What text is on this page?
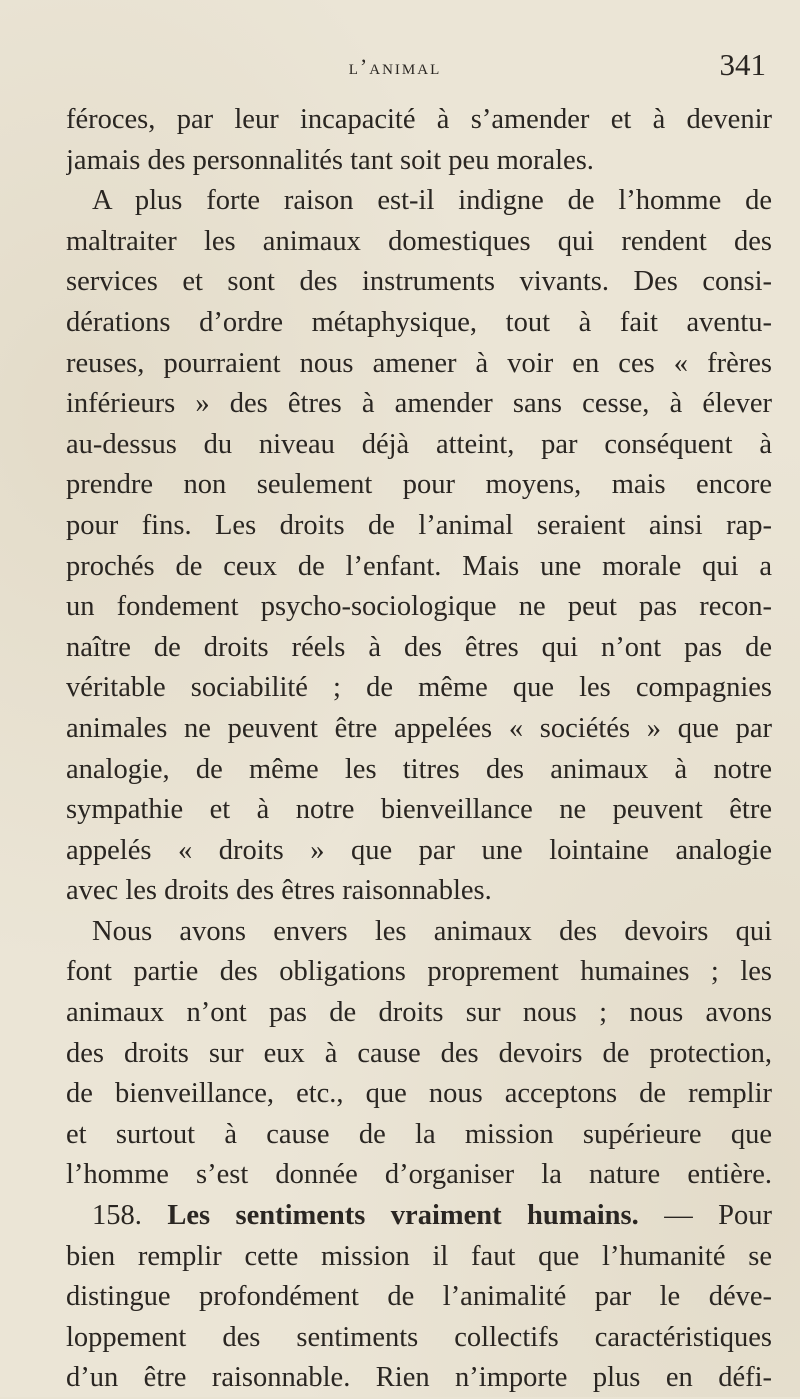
l’animal	341
féroces, par leur incapacité à s’amender et à devenir
jamais des personnalités tant soit peu morales.
A plus forte raison est-il indigne de l’homme de
maltraiter les animaux domestiques qui rendent des
services et sont des instruments vivants. Des consi-
dérations d’ordre métaphysique, tout à fait aventu-
reuses, pourraient nous amener à voir en ces « frères
inférieurs » des êtres à amender sans cesse, à élever
au-dessus du niveau déjà atteint, par conséquent à
prendre non seulement pour moyens, mais encore
pour fins. Les droits de l’animal seraient ainsi rap-
prochés de ceux de l’enfant. Mais une morale qui a
un fondement psycho-sociologique ne peut pas recon-
naître de droits réels à des êtres qui n’ont pas de
véritable sociabilité ; de même que les compagnies
animales ne peuvent être appelées « sociétés » que par
analogie, de même les titres des animaux à notre
sympathie et à notre bienveillance ne peuvent être
appelés « droits » que par une lointaine analogie
avec les droits des êtres raisonnables.
Nous avons envers les animaux des devoirs qui
font partie des obligations proprement humaines ; les
animaux n’ont pas de droits sur nous ; nous avons
des droits sur eux à cause des devoirs de protection,
de bienveillance, etc., que nous acceptons de remplir
et surtout à cause de la mission supérieure que
l’homme s’est donnée d’organiser la nature entière.
158. Les sentiments vraiment humains. — Pour
bien remplir cette mission il faut que l’humanité se
distingue profondément de l’animalité par le déve-
loppement des sentiments collectifs caractéristiques
d’un être raisonnable. Rien n’importe plus en défi-
